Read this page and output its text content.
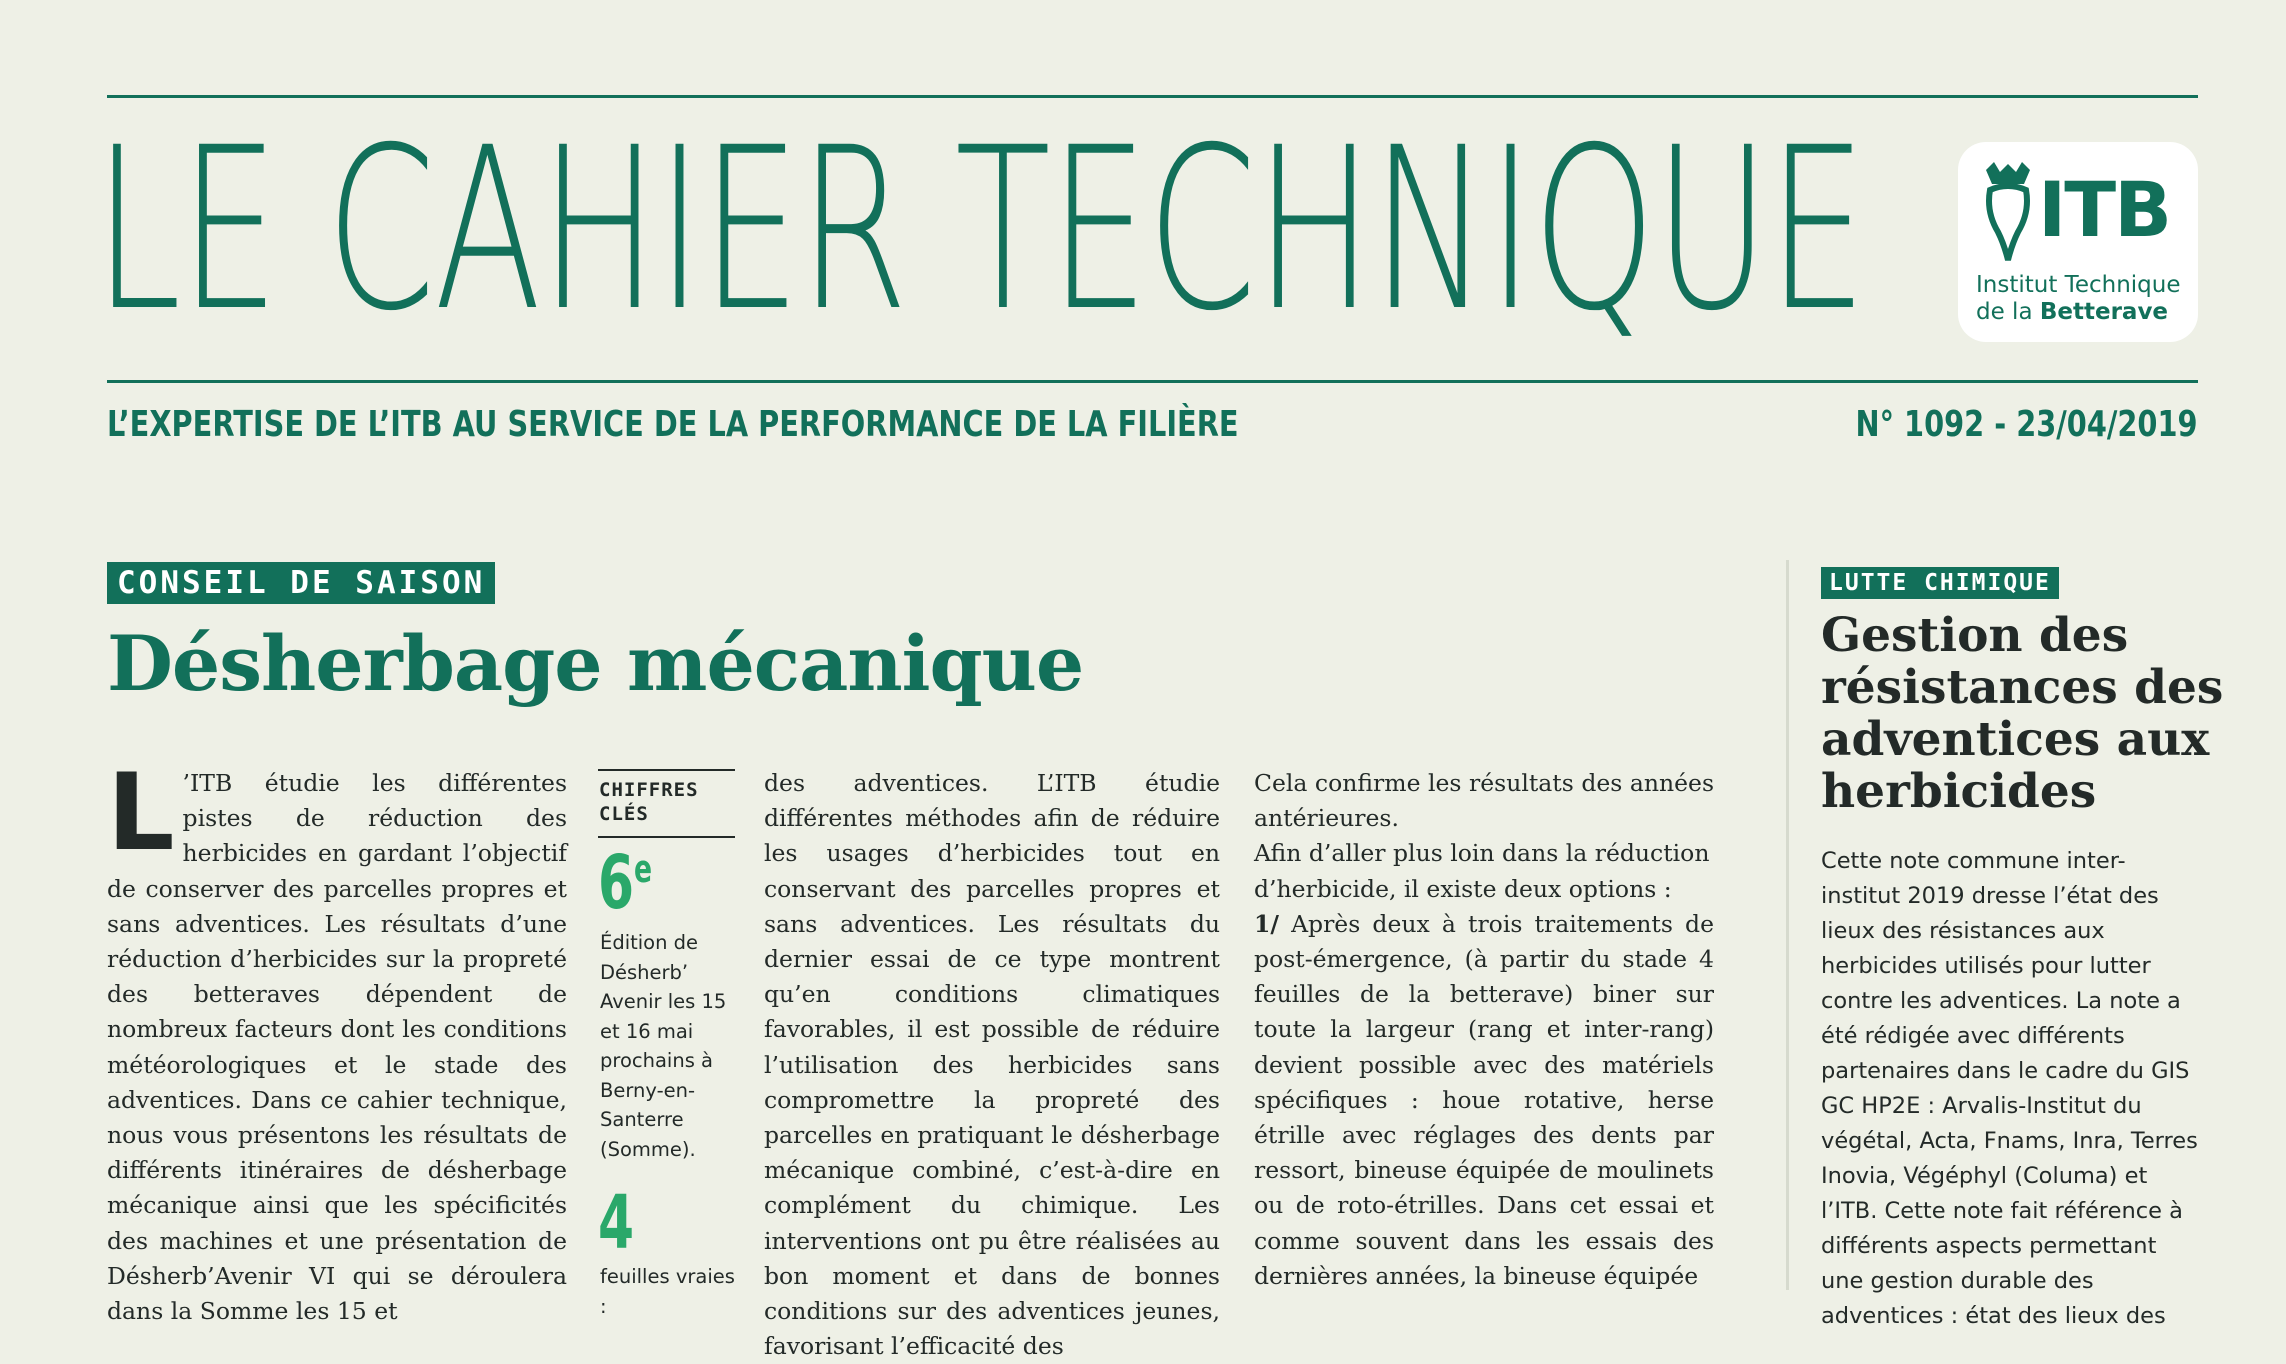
LE CAHIER TECHNIQUE ITB
Institut Technique
de la Betterave
L’EXPERTISE DE L’ITB AU SERVICE DE LA PERFORMANCE DE LA FILIÈRE	N° 1092 - 23/04/2019
CONSEIL DE SAISON
Désherbage mécanique
L ’ITB étudie les différentes pistes de réduction des herbicides en gardant l’objectif de conserver des parcelles propres et sans adventices. Les résultats d’une réduction d’herbicides sur la propreté des betteraves dépendent de nombreux facteurs dont les conditions météorologiques et le stade des adventices. Dans ce cahier technique, nous vous présentons les résultats de différents itinéraires de désherbage mécanique ainsi que les spécificités des machines et une présentation de Désherb’Avenir VI qui se déroulera dans la Somme les 15 et
CHIFFRES CLÉS
6e
Édition de Désherb’ Avenir les 15 et 16 mai prochains à Berny-en-Santerre (Somme).
4
feuilles vraies :
des adventices. L’ITB étudie différentes méthodes afin de réduire les usages d’herbicides tout en conservant des parcelles propres et sans adventices. Les résultats du dernier essai de ce type montrent qu’en conditions climatiques favorables, il est possible de réduire l’utilisation des herbicides sans compromettre la propreté des parcelles en pratiquant le désherbage mécanique combiné, c’est-à-dire en complément du chimique. Les interventions ont pu être réalisées au bon moment et dans de bonnes conditions sur des adventices jeunes, favorisant l’efficacité des
Cela confirme les résultats des années antérieures.
Afin d’aller plus loin dans la réduction d’herbicide, il existe deux options :
1/ Après deux à trois traitements de post-émergence, (à partir du stade 4 feuilles de la betterave) biner sur toute la largeur (rang et inter-rang) devient possible avec des matériels spécifiques : houe rotative, herse étrille avec réglages des dents par ressort, bineuse équipée de moulinets ou de roto-étrilles. Dans cet essai et comme souvent dans les essais des dernières années, la bineuse équipée
LUTTE CHIMIQUE
Gestion des résistances des adventices aux herbicides
Cette note commune inter-institut 2019 dresse l’état des lieux des résistances aux herbicides utilisés pour lutter contre les adventices. La note a été rédigée avec différents partenaires dans le cadre du GIS GC HP2E : Arvalis-Institut du végétal, Acta, Fnams, Inra, Terres Inovia, Végéphyl (Columa) et l’ITB. Cette note fait référence à différents aspects permettant une gestion durable des adventices : état des lieux des
